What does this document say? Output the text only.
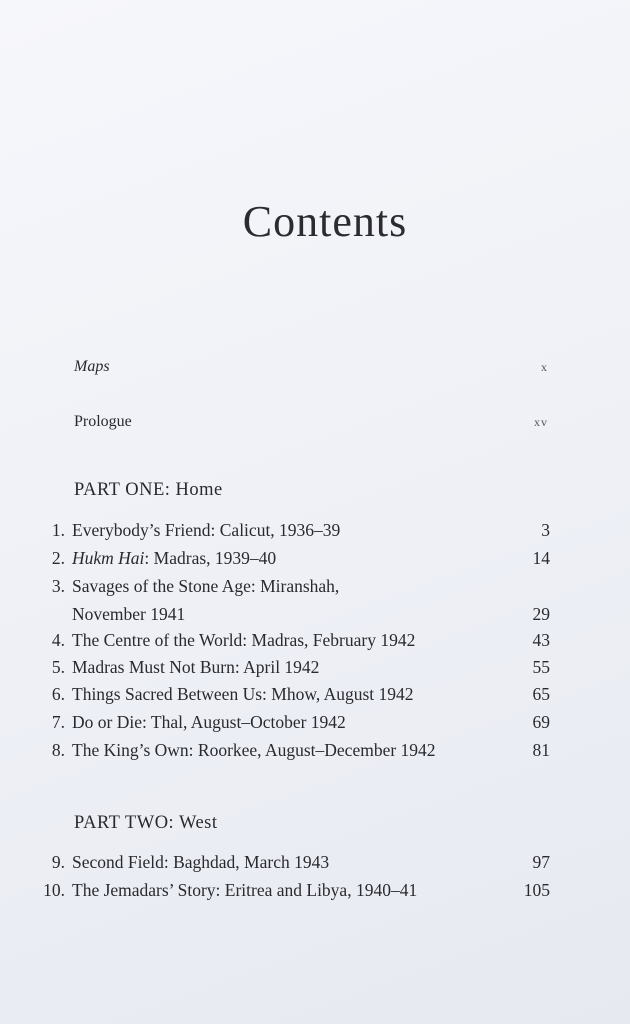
Contents
Maps	x
Prologue	xv
PART ONE: Home
1. Everybody’s Friend: Calicut, 1936–39	3
2. Hukm Hai: Madras, 1939–40	14
3. Savages of the Stone Age: Miranshah,
November 1941	29
4. The Centre of the World: Madras, February 1942	43
5. Madras Must Not Burn: April 1942	55
6. Things Sacred Between Us: Mhow, August 1942	65
7. Do or Die: Thal, August–October 1942	69
8. The King’s Own: Roorkee, August–December 1942	81
PART TWO: West
9. Second Field: Baghdad, March 1943	97
10. The Jemadars’ Story: Eritrea and Libya, 1940–41	105
